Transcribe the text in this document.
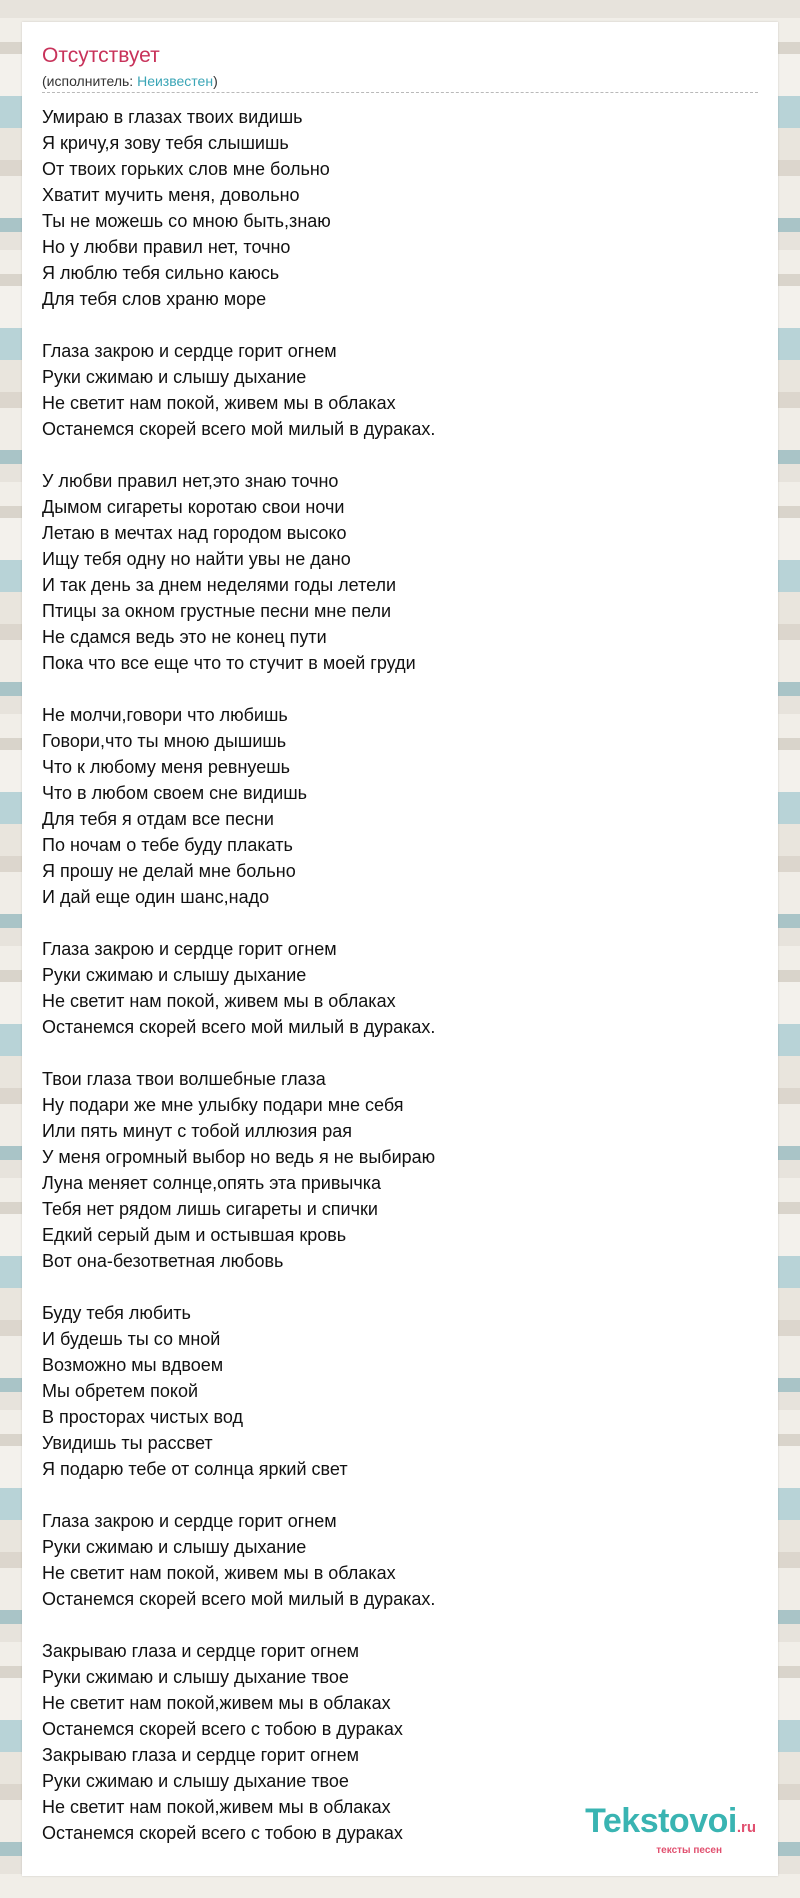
Отсутствует
(исполнитель: Неизвестен)
Умираю в глазах твоих видишь
Я кричу,я зову тебя слышишь
От твоих горьких слов мне больно
Хватит мучить меня, довольно
Ты не можешь со мною быть,знаю
Но у любви правил нет, точно
Я люблю тебя сильно каюсь
Для тебя слов храню море
Глаза закрою и сердце горит огнем
Руки сжимаю и слышу дыхание
Не светит нам покой, живем мы в облаках
Останемся скорей всего мой милый в дураках.
У любви правил нет,это знаю точно
Дымом сигареты коротаю свои ночи
Летаю в мечтах над городом высоко
Ищу тебя одну но найти увы не дано
И так день за днем неделями годы летели
Птицы за окном грустные песни мне пели
Не сдамся ведь это не конец пути
Пока что все еще что то стучит в моей груди
Не молчи,говори что любишь
Говори,что ты мною дышишь
Что к любому меня ревнуешь
Что в любом своем сне видишь
Для тебя я отдам все песни
По ночам о тебе буду плакать
Я прошу не делай мне больно
И дай еще один шанс,надо
Глаза закрою и сердце горит огнем
Руки сжимаю и слышу дыхание
Не светит нам покой, живем мы в облаках
Останемся скорей всего мой милый в дураках.
Твои глаза твои волшебные глаза
Ну подари же мне улыбку подари мне себя
Или пять минут с тобой иллюзия рая
У меня огромный выбор но ведь я не выбираю
Луна меняет солнце,опять эта привычка
Тебя нет рядом лишь сигареты и спички
Едкий серый дым и остывшая кровь
Вот она-безответная любовь
Буду тебя любить
И будешь ты со мной
Возможно мы вдвоем
Мы обретем покой
В просторах чистых вод
Увидишь ты рассвет
Я подарю тебе от солнца яркий свет
Глаза закрою и сердце горит огнем
Руки сжимаю и слышу дыхание
Не светит нам покой, живем мы в облаках
Останемся скорей всего мой милый в дураках.
Закрываю глаза и сердце горит огнем
Руки сжимаю и слышу дыхание твое
Не светит нам покой,живем мы в облаках
Останемся скорей всего с тобою в дураках
Закрываю глаза и сердце горит огнем
Руки сжимаю и слышу дыхание твое
Не светит нам покой,живем мы в облаках
Останемся скорей всего с тобою в дураках	Tekstovoi.ru
тексты песен
